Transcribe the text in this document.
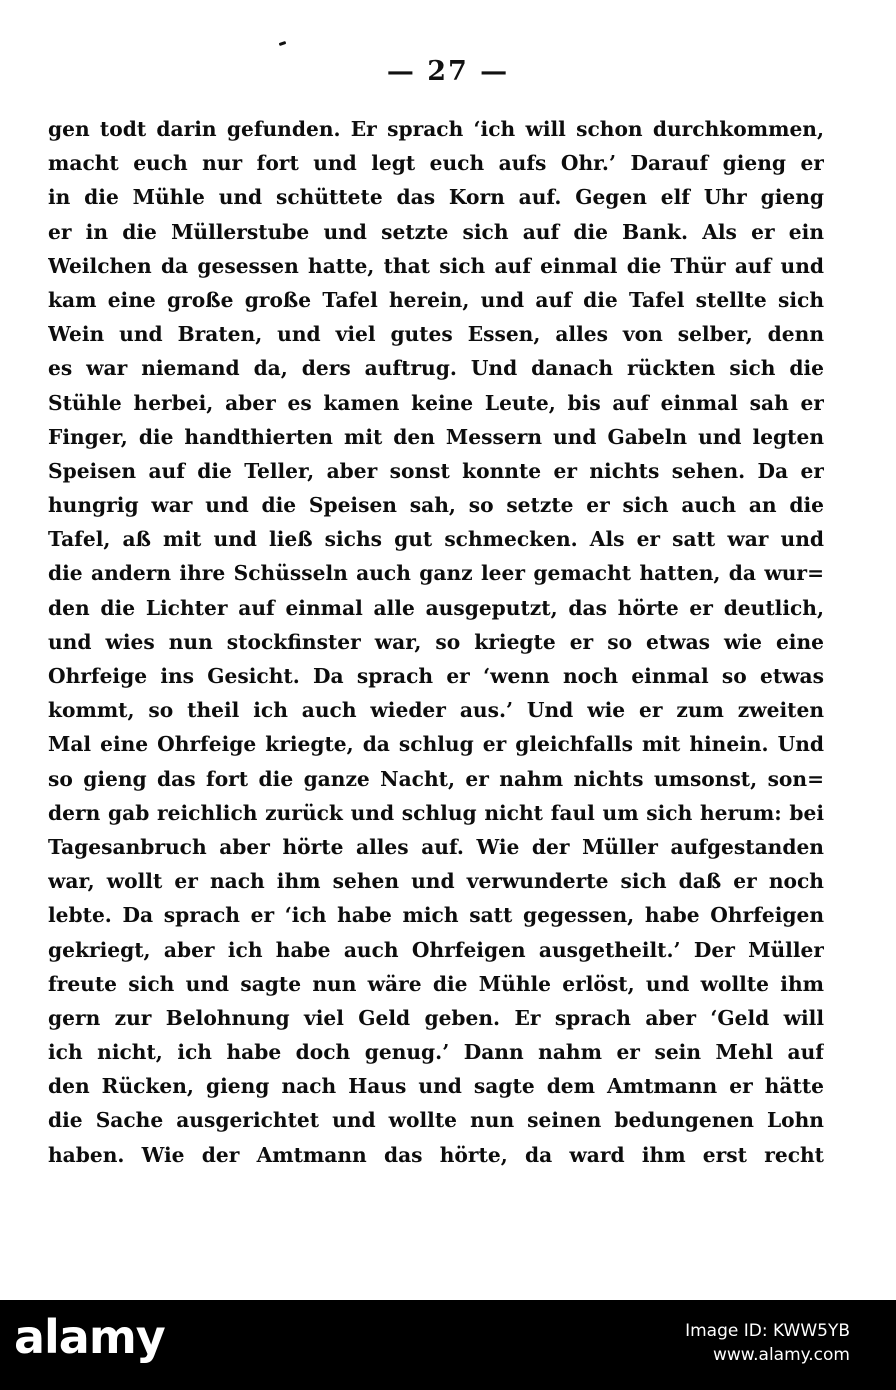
— 27 —
gen todt darin gefunden. Er sprach ‘ich will schon durchkommen,
macht euch nur fort und legt euch aufs Ohr.’ Darauf gieng er
in die Mühle und schüttete das Korn auf. Gegen elf Uhr gieng
er in die Müllerstube und setzte sich auf die Bank. Als er ein
Weilchen da gesessen hatte, that sich auf einmal die Thür auf und
kam eine große große Tafel herein, und auf die Tafel stellte sich
Wein und Braten, und viel gutes Essen, alles von selber, denn
es war niemand da, ders auftrug. Und danach rückten sich die
Stühle herbei, aber es kamen keine Leute, bis auf einmal sah er
Finger, die handthierten mit den Messern und Gabeln und legten
Speisen auf die Teller, aber sonst konnte er nichts sehen. Da er
hungrig war und die Speisen sah, so setzte er sich auch an die
Tafel, aß mit und ließ sichs gut schmecken. Als er satt war und
die andern ihre Schüsseln auch ganz leer gemacht hatten, da wur=
den die Lichter auf einmal alle ausgeputzt, das hörte er deutlich,
und wies nun stockfinster war, so kriegte er so etwas wie eine
Ohrfeige ins Gesicht. Da sprach er ‘wenn noch einmal so etwas
kommt, so theil ich auch wieder aus.’ Und wie er zum zweiten
Mal eine Ohrfeige kriegte, da schlug er gleichfalls mit hinein. Und
so gieng das fort die ganze Nacht, er nahm nichts umsonst, son=
dern gab reichlich zurück und schlug nicht faul um sich herum: bei
Tagesanbruch aber hörte alles auf. Wie der Müller aufgestanden
war, wollt er nach ihm sehen und verwunderte sich daß er noch
lebte. Da sprach er ‘ich habe mich satt gegessen, habe Ohrfeigen
gekriegt, aber ich habe auch Ohrfeigen ausgetheilt.’ Der Müller
freute sich und sagte nun wäre die Mühle erlöst, und wollte ihm
gern zur Belohnung viel Geld geben. Er sprach aber ‘Geld will
ich nicht, ich habe doch genug.’ Dann nahm er sein Mehl auf
den Rücken, gieng nach Haus und sagte dem Amtmann er hätte
die Sache ausgerichtet und wollte nun seinen bedungenen Lohn
haben. Wie der Amtmann das hörte, da ward ihm erst recht
alamy	Image ID: KWW5YB
www.alamy.com
